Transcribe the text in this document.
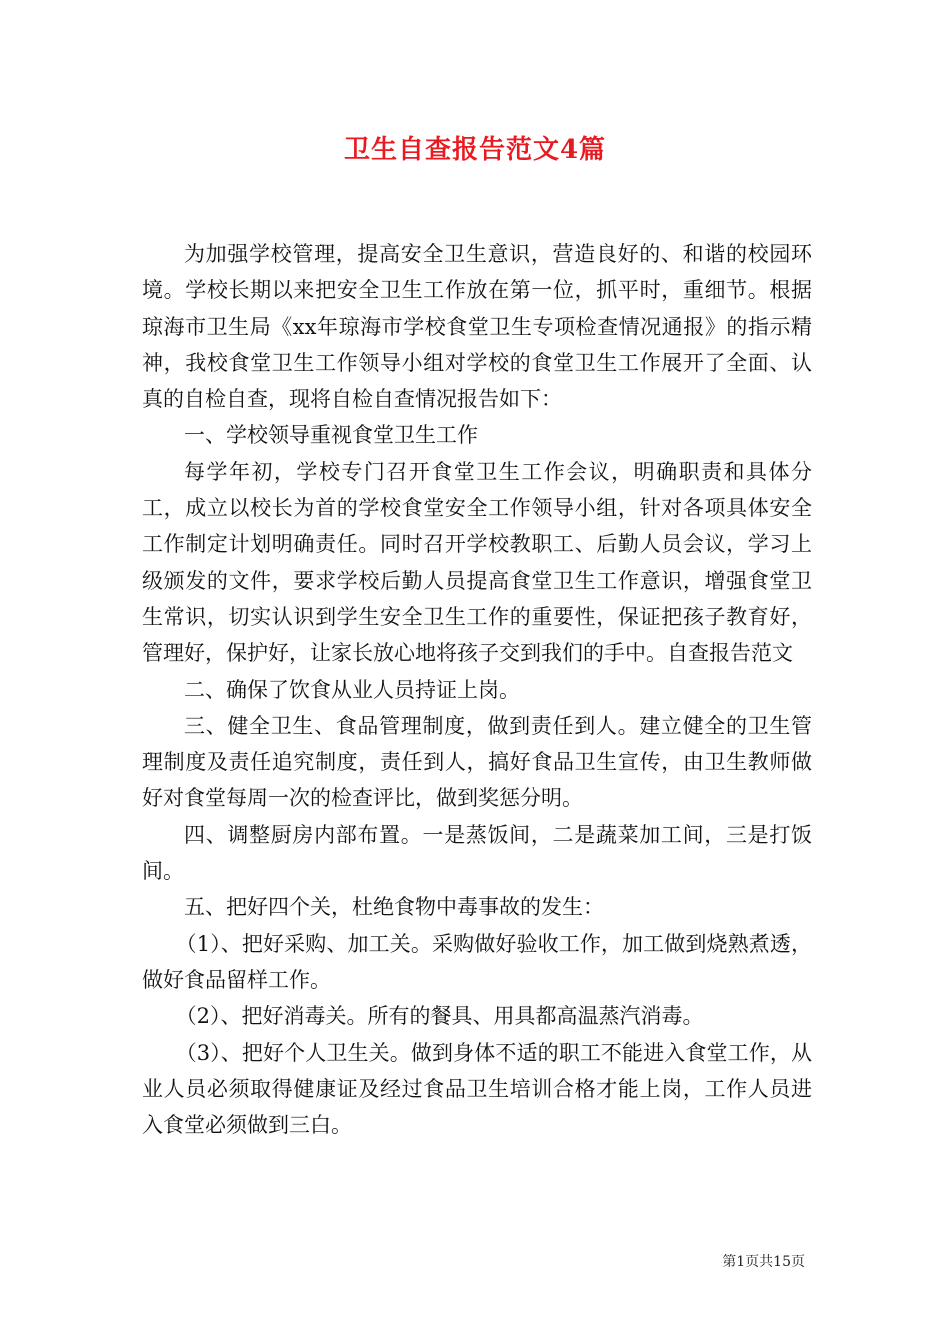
卫生自查报告范文4篇

为加强学校管理，提高安全卫生意识，营造良好的、和谐的校园环境。学校长期以来把安全卫生工作放在第一位，抓平时，重细节。根据琼海市卫生局《xx年琼海市学校食堂卫生专项检查情况通报》的指示精神，我校食堂卫生工作领导小组对学校的食堂卫生工作展开了全面、认真的自检自查，现将自检自查情况报告如下：

一、学校领导重视食堂卫生工作

每学年初，学校专门召开食堂卫生工作会议，明确职责和具体分工，成立以校长为首的学校食堂安全工作领导小组，针对各项具体安全工作制定计划明确责任。同时召开学校教职工、后勤人员会议，学习上级颁发的文件，要求学校后勤人员提高食堂卫生工作意识，增强食堂卫生常识，切实认识到学生安全卫生工作的重要性，保证把孩子教育好，管理好，保护好，让家长放心地将孩子交到我们的手中。自查报告范文

二、确保了饮食从业人员持证上岗。

三、健全卫生、食品管理制度，做到责任到人。建立健全的卫生管理制度及责任追究制度，责任到人，搞好食品卫生宣传，由卫生教师做好对食堂每周一次的检查评比，做到奖惩分明。

四、调整厨房内部布置。一是蒸饭间，二是蔬菜加工间，三是打饭间。

五、把好四个关，杜绝食物中毒事故的发生：

（1）、把好采购、加工关。采购做好验收工作，加工做到烧熟煮透，做好食品留样工作。

（2）、把好消毒关。所有的餐具、用具都高温蒸汽消毒。

（3）、把好个人卫生关。做到身体不适的职工不能进入食堂工作，从业人员必须取得健康证及经过食品卫生培训合格才能上岗，工作人员进入食堂必须做到三白。

第1页共15页
